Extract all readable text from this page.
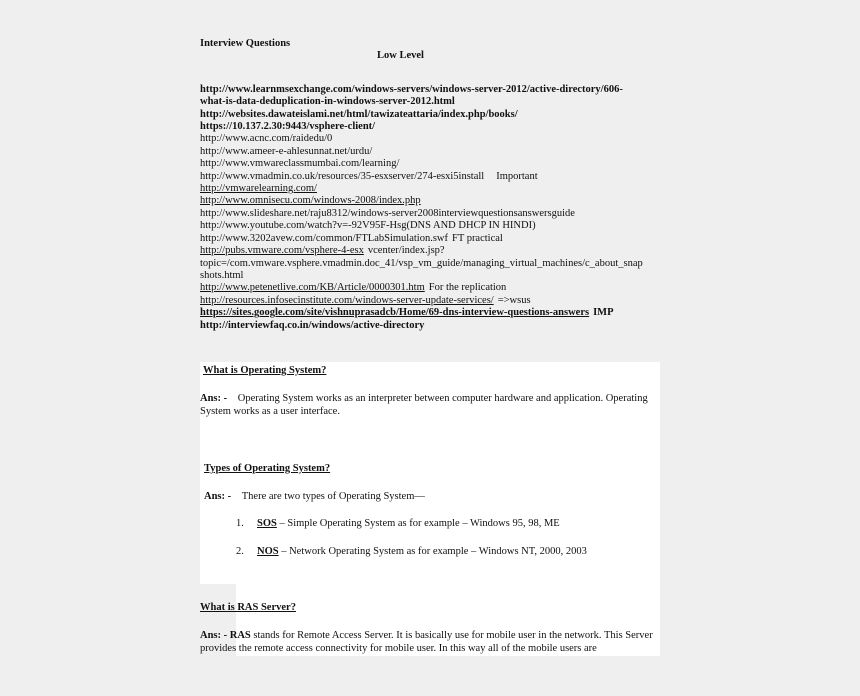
Interview Questions

Low Level

http://www.learnmsexchange.com/windows-servers/windows-server-2012/active-directory/606-
what-is-data-deduplication-in-windows-server-2012.html
http://websites.dawateislami.net/html/tawizateattaria/index.php/books/
https://10.137.2.30:9443/vsphere-client/
http://www.acnc.com/raidedu/0
http://www.ameer-e-ahlesunnat.net/urdu/
http://www.vmwareclassmumbai.com/learning/
http://www.vmadmin.co.uk/resources/35-esxserver/274-esxi5install Important
http://vmwarelearning.com/
http://www.omnisecu.com/windows-2008/index.php
http://www.slideshare.net/raju8312/windows-server2008interviewquestionsanswersguide
http://www.youtube.com/watch?v=-92V95F-Hsg(DNS AND DHCP IN HINDI)
http://www.3202avew.com/common/FTLabSimulation.swf FT practical
http://pubs.vmware.com/vsphere-4-esx vcenter/index.jsp?
topic=/com.vmware.vsphere.vmadmin.doc_41/vsp_vm_guide/managing_virtual_machines/c_about_snap
shots.html
http://www.petenetlive.com/KB/Article/0000301.htm For the replication
http://resources.infosecinstitute.com/windows-server-update-services/ =>wsus
https://sites.google.com/site/vishnuprasadcb/Home/69-dns-interview-questions-answers IMP
http://interviewfaq.co.in/windows/active-directory
What is Operating System?
Ans: - Operating System works as an interpreter between computer hardware and application. Operating System works as a user interface.
Types of Operating System?
Ans: - There are two types of Operating System—
1. SOS – Simple Operating System as for example – Windows 95, 98, ME
2. NOS – Network Operating System as for example – Windows NT, 2000, 2003
What is RAS Server?
Ans: - RAS stands for Remote Access Server. It is basically use for mobile user in the network. This Server provides the remote access connectivity for mobile user. In this way all of the mobile users are
